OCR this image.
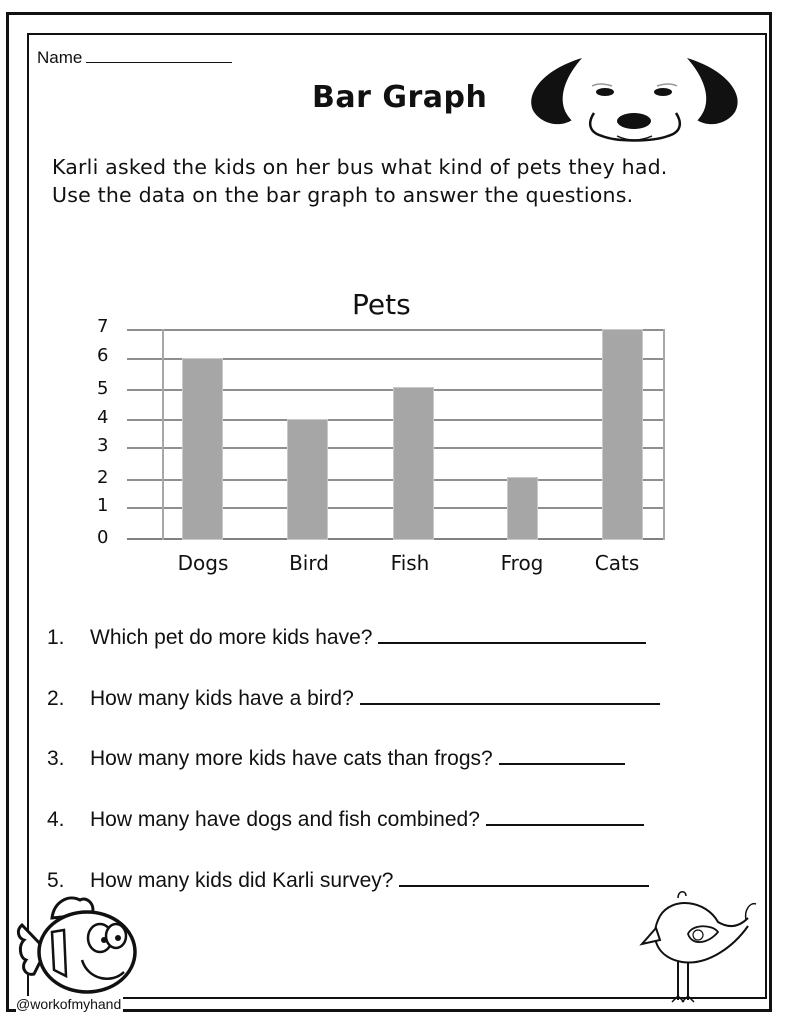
Name
Bar Graph
Karli asked the kids on her bus what kind of pets they had.
Use the data on the bar graph to answer the questions.
Pets
7
6
5
4
3
2
1
0
Dogs	Bird	Fish	Frog	Cats
1. Which pet do more kids have?
2. How many kids have a bird?
3. How many more kids have cats than frogs?
4. How many have dogs and fish combined?
5. How many kids did Karli survey?
@workofmyhand
